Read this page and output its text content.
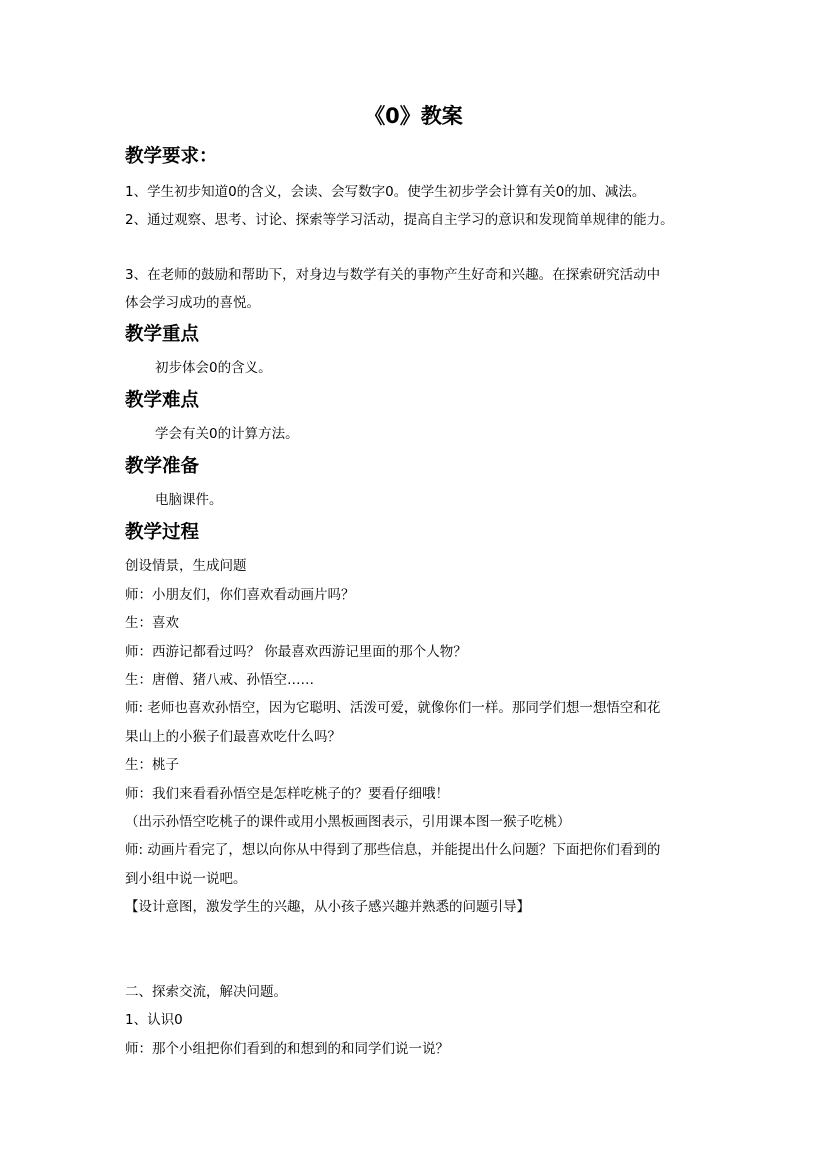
《0》教案
教学要求：
1、学生初步知道0的含义，会读、会写数字0。使学生初步学会计算有关0的加、减法。
2、通过观察、思考、讨论、探索等学习活动，提高自主学习的意识和发现简单规律的能力。
3、在老师的鼓励和帮助下，对身边与数学有关的事物产生好奇和兴趣。在探索研究活动中
体会学习成功的喜悦。
教学重点
初步体会0的含义。
教学难点
学会有关0的计算方法。
教学准备
电脑课件。
教学过程
创设情景，生成问题
师：小朋友们，你们喜欢看动画片吗？
生：喜欢
师：西游记都看过吗？ 你最喜欢西游记里面的那个人物？
生：唐僧、猪八戒、孙悟空……
师: 老师也喜欢孙悟空，因为它聪明、活泼可爱，就像你们一样。那同学们想一想悟空和花
果山上的小猴子们最喜欢吃什么吗？
生：桃子
师：我们来看看孙悟空是怎样吃桃子的？要看仔细哦！
（出示孙悟空吃桃子的课件或用小黑板画图表示，引用课本图一猴子吃桃）
师: 动画片看完了，想以向你从中得到了那些信息，并能提出什么问题？下面把你们看到的
到小组中说一说吧。
【设计意图，激发学生的兴趣，从小孩子感兴趣并熟悉的问题引导】
二、探索交流，解决问题。
1、认识0
师：那个小组把你们看到的和想到的和同学们说一说？
